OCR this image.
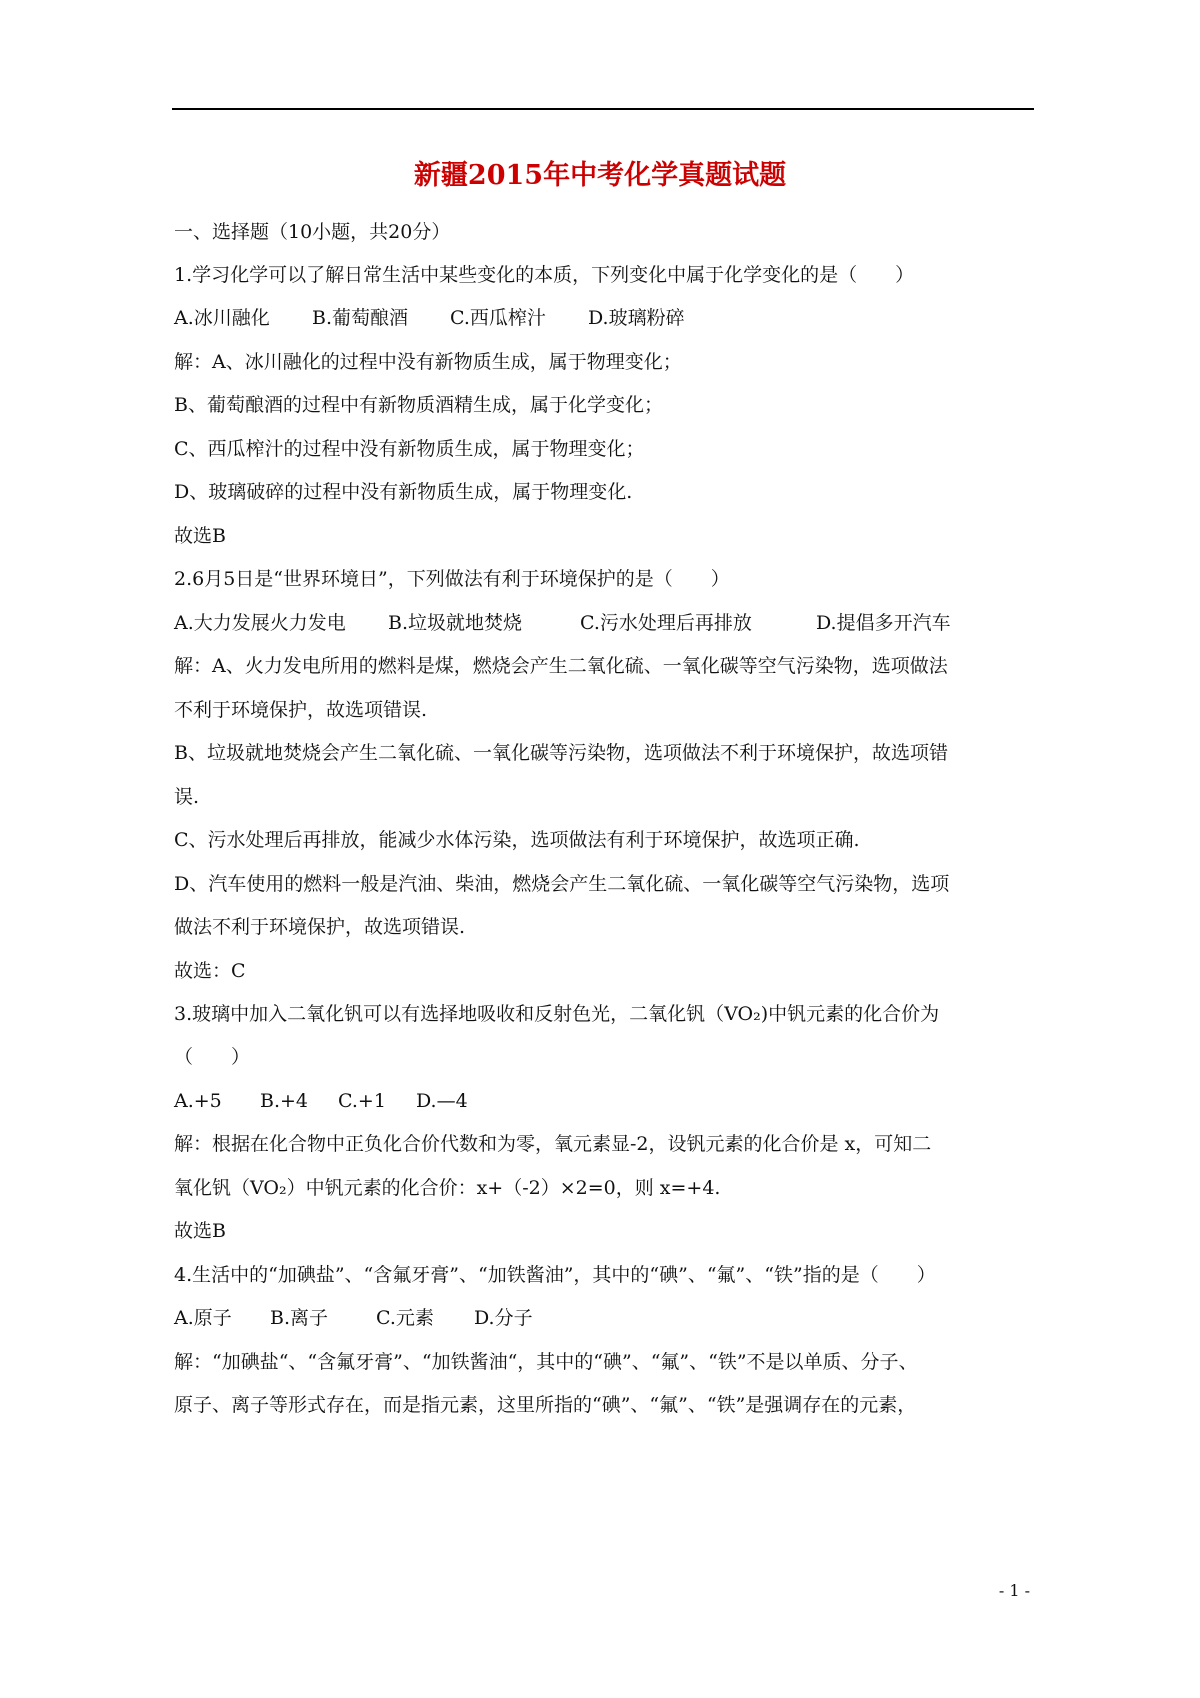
新疆2015年中考化学真题试题
一、选择题（10小题，共20分）
1.学习化学可以了解日常生活中某些变化的本质，下列变化中属于化学变化的是（　　）
A.冰川融化 B.葡萄酿酒 C.西瓜榨汁 D.玻璃粉碎
解：A、冰川融化的过程中没有新物质生成，属于物理变化；
B、葡萄酿酒的过程中有新物质酒精生成，属于化学变化；
C、西瓜榨汁的过程中没有新物质生成，属于物理变化；
D、玻璃破碎的过程中没有新物质生成，属于物理变化.
故选B
2.6月5日是“世界环境日”，下列做法有利于环境保护的是（　　）
A.大力发展火力发电 B.垃圾就地焚烧	C.污水处理后再排放	D.提倡多开汽车
解：A、火力发电所用的燃料是煤，燃烧会产生二氧化硫、一氧化碳等空气污染物，选项做法
不利于环境保护，故选项错误.
B、垃圾就地焚烧会产生二氧化硫、一氧化碳等污染物，选项做法不利于环境保护，故选项错
误.
C、污水处理后再排放，能减少水体污染，选项做法有利于环境保护，故选项正确.
D、汽车使用的燃料一般是汽油、柴油，燃烧会产生二氧化硫、一氧化碳等空气污染物，选项
做法不利于环境保护，故选项错误.
故选：C
3.玻璃中加入二氧化钒可以有选择地吸收和反射色光，二氧化钒（VO₂)中钒元素的化合价为
（　　）
A.+5 B.+4 C.+1 D.—4
解：根据在化合物中正负化合价代数和为零，氧元素显-2，设钒元素的化合价是 x，可知二
氧化钒（VO₂）中钒元素的化合价：x+（-2）×2=0，则 x=+4.
故选B
4.生活中的“加碘盐”、“含氟牙膏”、“加铁酱油”，其中的“碘”、“氟”、“铁”指的是（　　）
A.原子 B.离子	C.元素 D.分子
解：“加碘盐“、“含氟牙膏”、“加铁酱油“，其中的“碘”、“氟”、“铁”不是以单质、分子、
原子、离子等形式存在，而是指元素，这里所指的“碘”、“氟”、“铁”是强调存在的元素，
- 1 -
